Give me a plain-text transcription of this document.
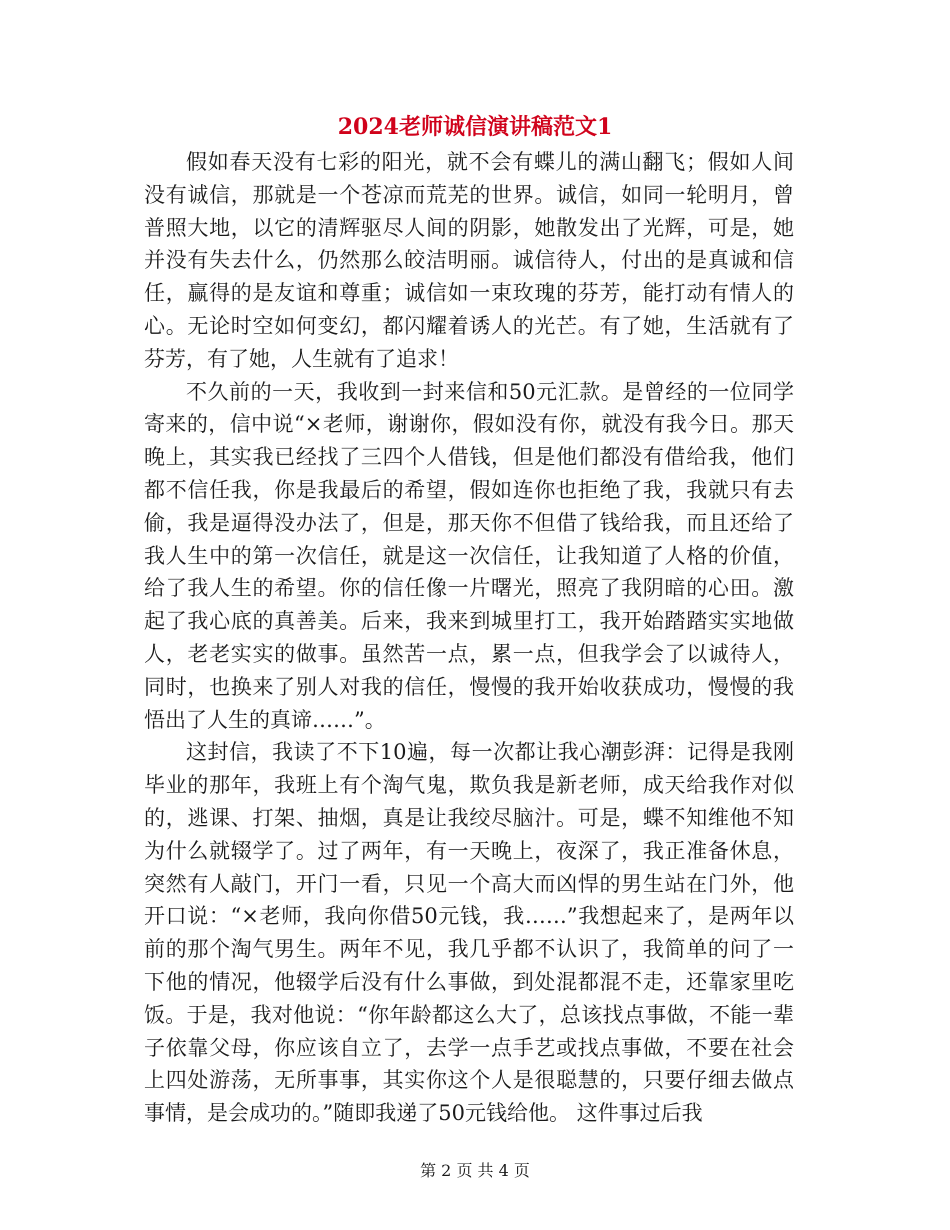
2024老师诚信演讲稿范文1

假如春天没有七彩的阳光，就不会有蝶儿的满山翻飞；假如人间没有诚信，那就是一个苍凉而荒芜的世界。诚信，如同一轮明月，曾普照大地，以它的清辉驱尽人间的阴影，她散发出了光辉，可是，她并没有失去什么，仍然那么皎洁明丽。诚信待人，付出的是真诚和信任，赢得的是友谊和尊重；诚信如一束玫瑰的芬芳，能打动有情人的心。无论时空如何变幻，都闪耀着诱人的光芒。有了她，生活就有了芬芳，有了她，人生就有了追求！

不久前的一天，我收到一封来信和50元汇款。是曾经的一位同学寄来的，信中说“×老师，谢谢你，假如没有你，就没有我今日。那天晚上，其实我已经找了三四个人借钱，但是他们都没有借给我，他们都不信任我，你是我最后的希望，假如连你也拒绝了我，我就只有去偷，我是逼得没办法了，但是，那天你不但借了钱给我，而且还给了我人生中的第一次信任，就是这一次信任，让我知道了人格的价值，给了我人生的希望。你的信任像一片曙光，照亮了我阴暗的心田。激起了我心底的真善美。后来，我来到城里打工，我开始踏踏实实地做人，老老实实的做事。虽然苦一点，累一点，但我学会了以诚待人，同时，也换来了别人对我的信任，慢慢的我开始收获成功，慢慢的我悟出了人生的真谛……”。

这封信，我读了不下10遍，每一次都让我心潮彭湃：记得是我刚毕业的那年，我班上有个淘气鬼，欺负我是新老师，成天给我作对似的，逃课、打架、抽烟，真是让我绞尽脑汁。可是，蝶不知维他不知为什么就辍学了。过了两年，有一天晚上，夜深了，我正准备休息，突然有人敲门，开门一看，只见一个高大而凶悍的男生站在门外，他开口说：“×老师，我向你借50元钱，我……”我想起来了，是两年以前的那个淘气男生。两年不见，我几乎都不认识了，我简单的问了一下他的情况，他辍学后没有什么事做，到处混都混不走，还靠家里吃饭。于是，我对他说：“你年龄都这么大了，总该找点事做，不能一辈子依靠父母，你应该自立了，去学一点手艺或找点事做，不要在社会上四处游荡，无所事事，其实你这个人是很聪慧的，只要仔细去做点事情，是会成功的。”随即我递了50元钱给他。 这件事过后我

第 2 页 共 4 页
